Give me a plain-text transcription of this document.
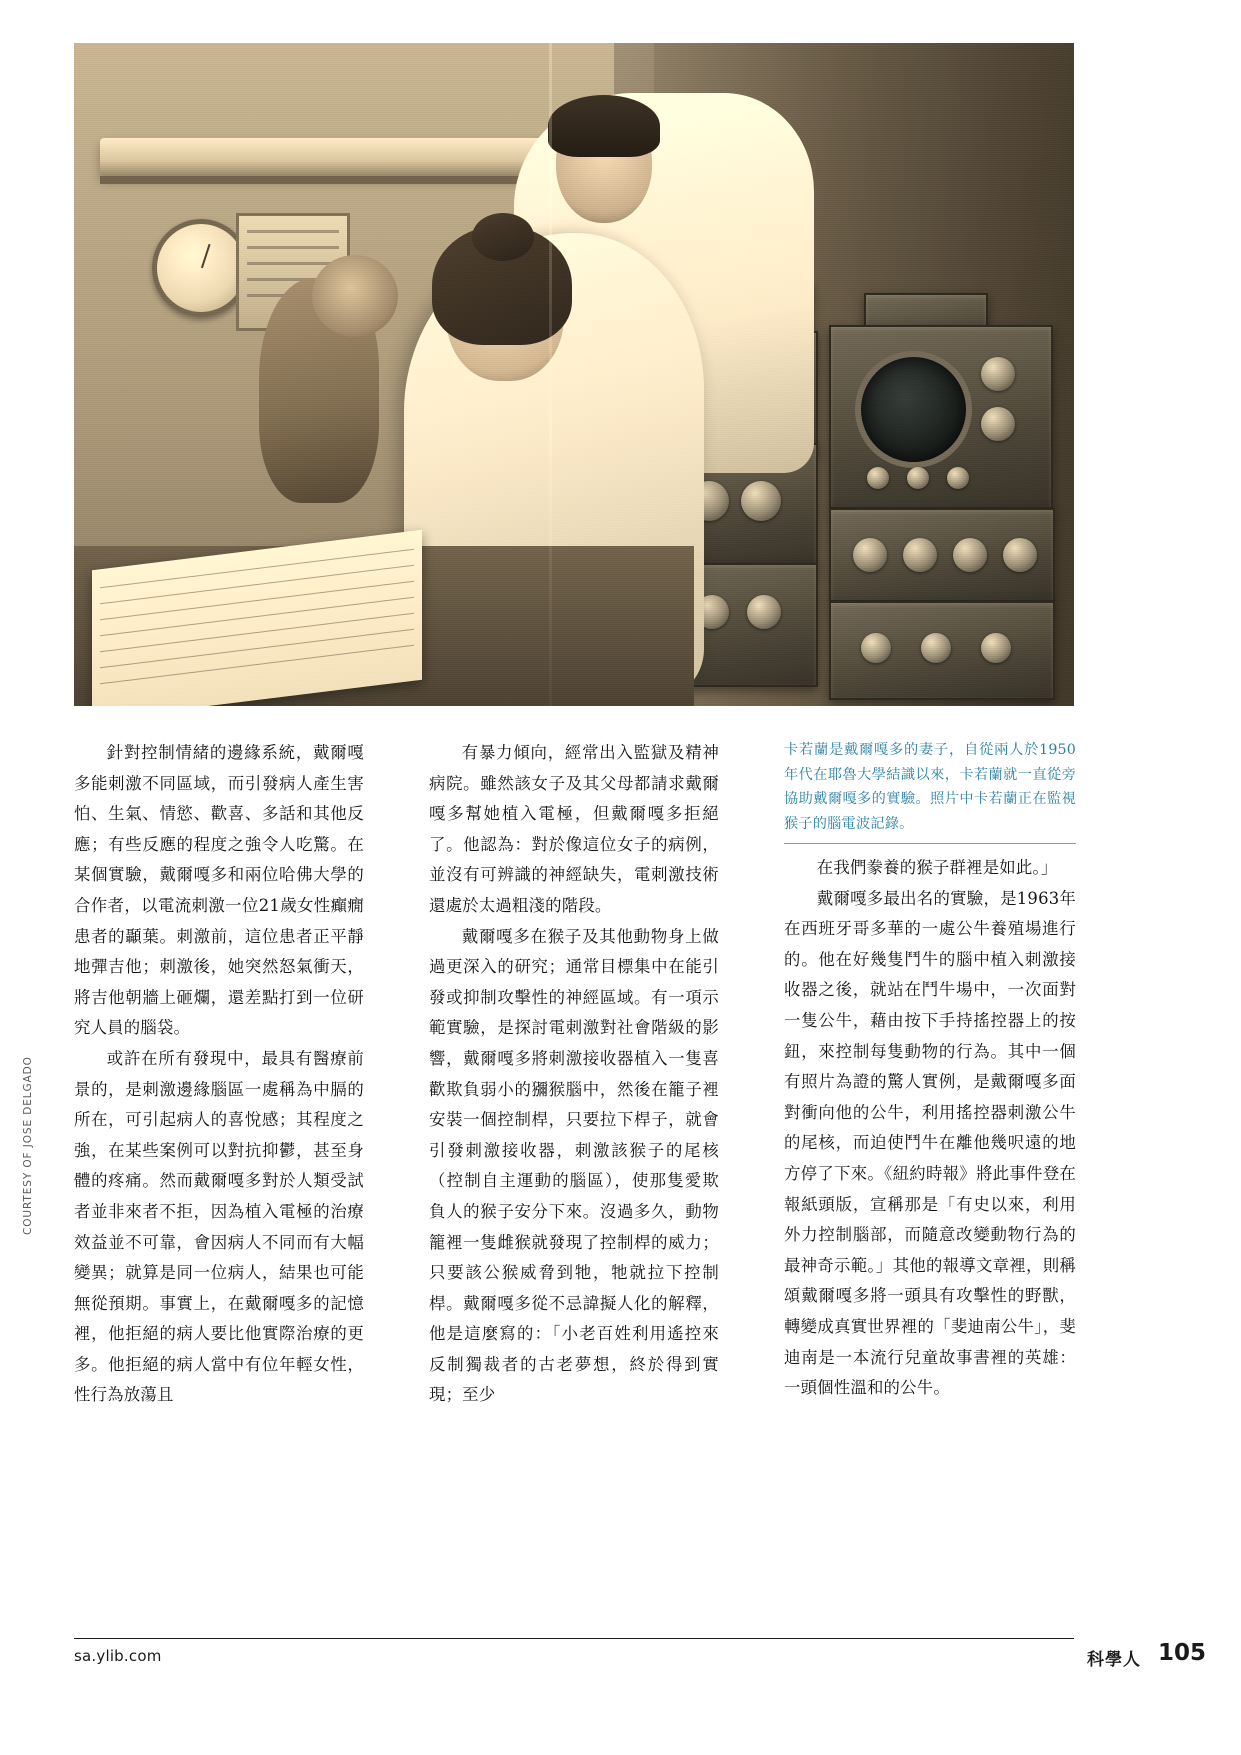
COURTESY OF JOSE DELGADO
卡若蘭是戴爾嘎多的妻子，自從兩人於1950年代在耶魯大學結識以來，卡若蘭就一直從旁協助戴爾嘎多的實驗。照片中卡若蘭正在監視猴子的腦電波記錄。

針對控制情緒的邊緣系統，戴爾嘎多能刺激不同區域，而引發病人產生害怕、生氣、情慾、歡喜、多話和其他反應；有些反應的程度之強令人吃驚。在某個實驗，戴爾嘎多和兩位哈佛大學的合作者，以電流刺激一位21歲女性癲癇患者的顳葉。刺激前，這位患者正平靜地彈吉他；刺激後，她突然怒氣衝天，將吉他朝牆上砸爛，還差點打到一位研究人員的腦袋。

或許在所有發現中，最具有醫療前景的，是刺激邊緣腦區一處稱為中膈的所在，可引起病人的喜悅感；其程度之強，在某些案例可以對抗抑鬱，甚至身體的疼痛。然而戴爾嘎多對於人類受試者並非來者不拒，因為植入電極的治療效益並不可靠，會因病人不同而有大幅變異；就算是同一位病人，結果也可能無從預期。事實上，在戴爾嘎多的記憶裡，他拒絕的病人要比他實際治療的更多。他拒絕的病人當中有位年輕女性，性行為放蕩且

有暴力傾向，經常出入監獄及精神病院。雖然該女子及其父母都請求戴爾嘎多幫她植入電極，但戴爾嘎多拒絕了。他認為：對於像這位女子的病例，並沒有可辨識的神經缺失，電刺激技術還處於太過粗淺的階段。

戴爾嘎多在猴子及其他動物身上做過更深入的研究；通常目標集中在能引發或抑制攻擊性的神經區域。有一項示範實驗，是探討電刺激對社會階級的影響，戴爾嘎多將刺激接收器植入一隻喜歡欺負弱小的獼猴腦中，然後在籠子裡安裝一個控制桿，只要拉下桿子，就會引發刺激接收器，刺激該猴子的尾核（控制自主運動的腦區），使那隻愛欺負人的猴子安分下來。沒過多久，動物籠裡一隻雌猴就發現了控制桿的威力；只要該公猴威脅到牠，牠就拉下控制桿。戴爾嘎多從不忌諱擬人化的解釋，他是這麼寫的：「小老百姓利用遙控來反制獨裁者的古老夢想，終於得到實現；至少

在我們豢養的猴子群裡是如此。」

戴爾嘎多最出名的實驗，是1963年在西班牙哥多華的一處公牛養殖場進行的。他在好幾隻鬥牛的腦中植入刺激接收器之後，就站在鬥牛場中，一次面對一隻公牛，藉由按下手持搖控器上的按鈕，來控制每隻動物的行為。其中一個有照片為證的驚人實例，是戴爾嘎多面對衝向他的公牛，利用搖控器刺激公牛的尾核，而迫使鬥牛在離他幾呎遠的地方停了下來。《紐約時報》將此事件登在報紙頭版，宣稱那是「有史以來，利用外力控制腦部，而隨意改變動物行為的最神奇示範。」其他的報導文章裡，則稱頌戴爾嘎多將一頭具有攻擊性的野獸，轉變成真實世界裡的「斐迪南公牛」，斐迪南是一本流行兒童故事書裡的英雄：一頭個性溫和的公牛。

sa.ylib.com	科學人 105
